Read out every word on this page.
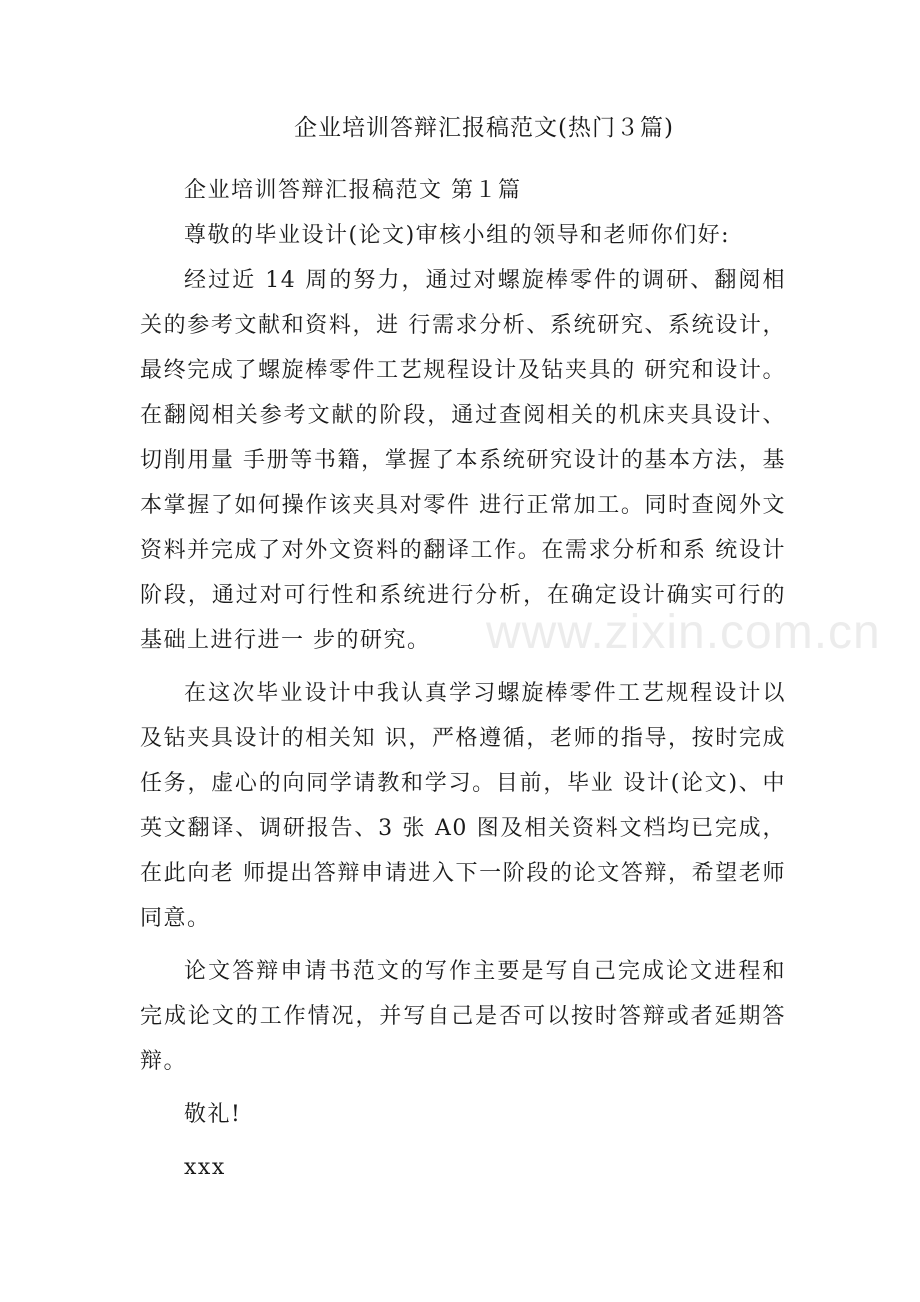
企业培训答辩汇报稿范文(热门３篇)

企业培训答辩汇报稿范文 第１篇

尊敬的毕业设计(论文)审核小组的领导和老师你们好:

经过近 14 周的努力，通过对螺旋棒零件的调研、翻阅相关的参考文献和资料，进 行需求分析、系统研究、系统设计，最终完成了螺旋棒零件工艺规程设计及钻夹具的 研究和设计。在翻阅相关参考文献的阶段，通过查阅相关的机床夹具设计、切削用量 手册等书籍，掌握了本系统研究设计的基本方法，基本掌握了如何操作该夹具对零件 进行正常加工。同时查阅外文资料并完成了对外文资料的翻译工作。在需求分析和系 统设计阶段，通过对可行性和系统进行分析，在确定设计确实可行的基础上进行进一 步的研究。

在这次毕业设计中我认真学习螺旋棒零件工艺规程设计以及钻夹具设计的相关知 识，严格遵循，老师的指导，按时完成任务，虚心的向同学请教和学习。目前，毕业 设计(论文)、中英文翻译、调研报告、3 张 A0 图及相关资料文档均已完成，在此向老 师提出答辩申请进入下一阶段的论文答辩，希望老师同意。

论文答辩申请书范文的写作主要是写自己完成论文进程和完成论文的工作情况，并写自己是否可以按时答辩或者延期答辩。

敬礼!

xxx

www.zixin.com.cn
